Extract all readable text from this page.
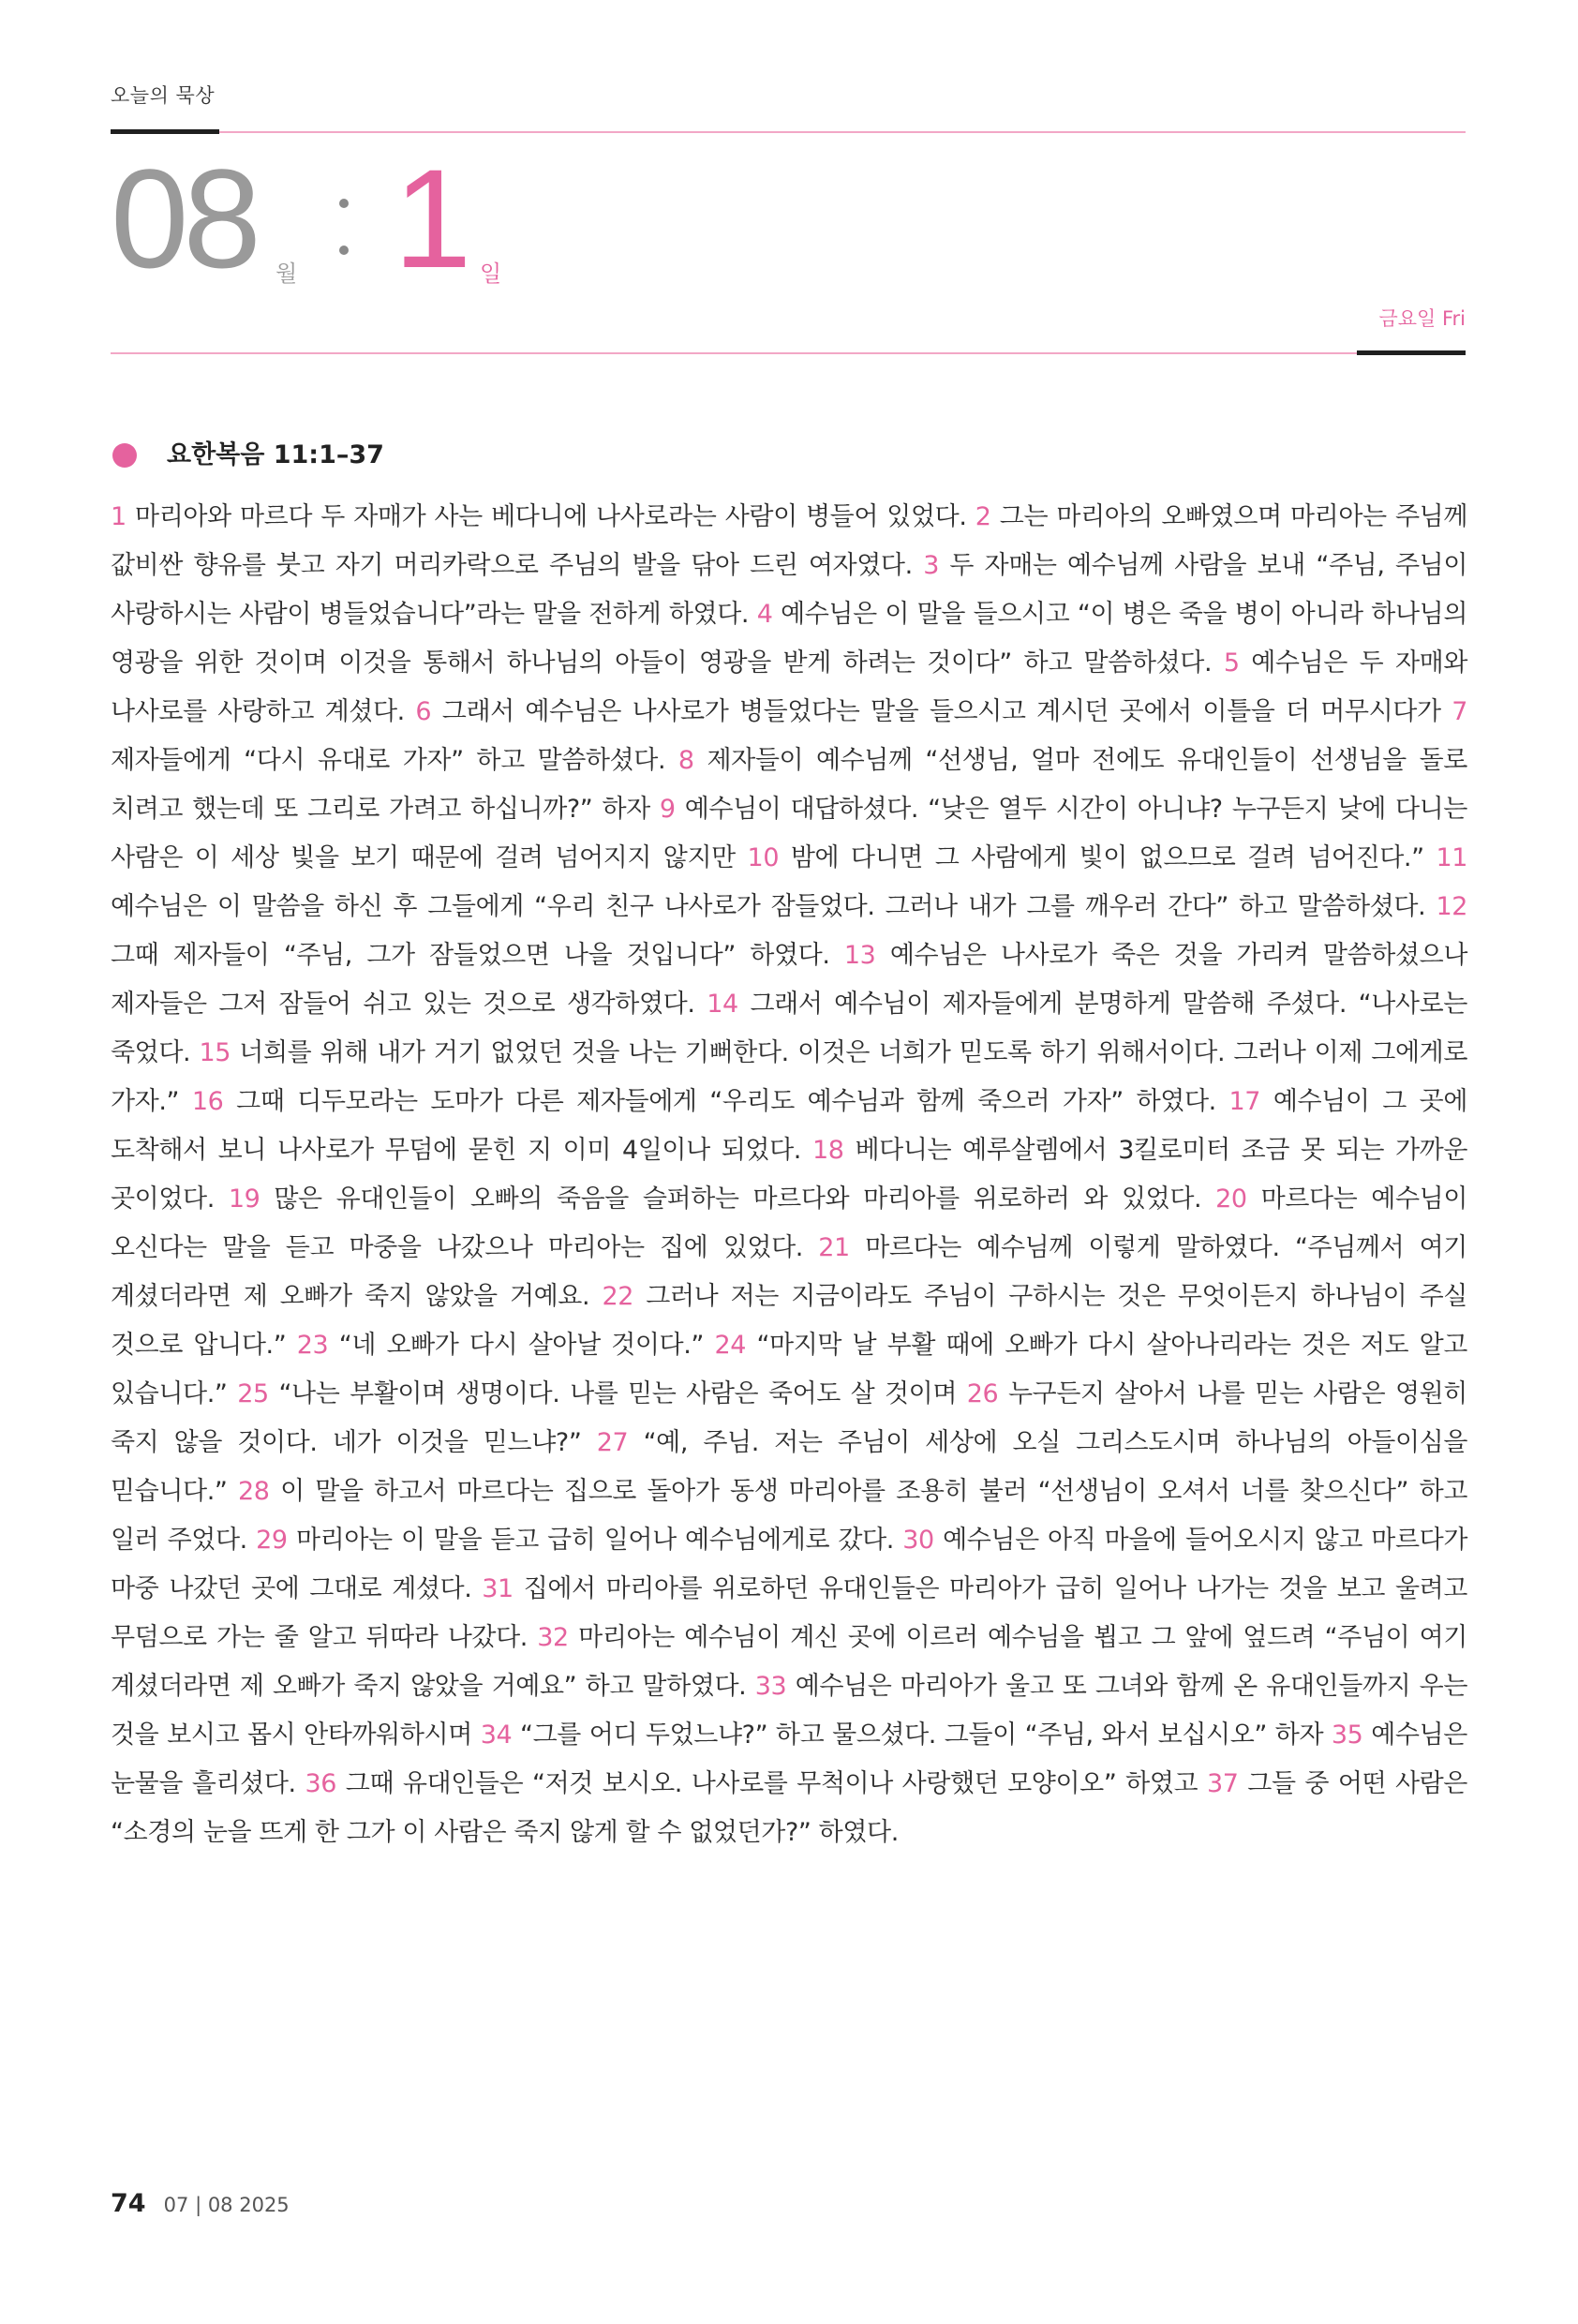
오늘의 묵상
08 월 1 일
금요일 Fri
요한복음 11:1–37
1 마리아와 마르다 두 자매가 사는 베다니에 나사로라는 사람이 병들어 있었다. 2 그는 마리아의 오빠였으며 마리아는 주님께 값비싼 향유를 붓고 자기 머리카락으로 주님의 발을 닦아 드린 여자였다. 3 두 자매는 예수님께 사람을 보내 “주님, 주님이 사랑하시는 사람이 병들었습니다”라는 말을 전하게 하였다. 4 예수님은 이 말을 들으시고 “이 병은 죽을 병이 아니라 하나님의 영광을 위한 것이며 이것을 통해서 하나님의 아들이 영광을 받게 하려는 것이다” 하고 말씀하셨다. 5 예수님은 두 자매와 나사로를 사랑하고 계셨다. 6 그래서 예수님은 나사로가 병들었다는 말을 들으시고 계시던 곳에서 이틀을 더 머무시다가 7 제자들에게 “다시 유대로 가자” 하고 말씀하셨다. 8 제자들이 예수님께 “선생님, 얼마 전에도 유대인들이 선생님을 돌로 치려고 했는데 또 그리로 가려고 하십니까?” 하자 9 예수님이 대답하셨다. “낮은 열두 시간이 아니냐? 누구든지 낮에 다니는 사람은 이 세상 빛을 보기 때문에 걸려 넘어지지 않지만 10 밤에 다니면 그 사람에게 빛이 없으므로 걸려 넘어진다.” 11 예수님은 이 말씀을 하신 후 그들에게 “우리 친구 나사로가 잠들었다. 그러나 내가 그를 깨우러 간다” 하고 말씀하셨다. 12 그때 제자들이 “주님, 그가 잠들었으면 나을 것입니다” 하였다. 13 예수님은 나사로가 죽은 것을 가리켜 말씀하셨으나 제자들은 그저 잠들어 쉬고 있는 것으로 생각하였다. 14 그래서 예수님이 제자들에게 분명하게 말씀해 주셨다. “나사로는 죽었다. 15 너희를 위해 내가 거기 없었던 것을 나는 기뻐한다. 이것은 너희가 믿도록 하기 위해서이다. 그러나 이제 그에게로 가자.” 16 그때 디두모라는 도마가 다른 제자들에게 “우리도 예수님과 함께 죽으러 가자” 하였다. 17 예수님이 그 곳에 도착해서 보니 나사로가 무덤에 묻힌 지 이미 4일이나 되었다. 18 베다니는 예루살렘에서 3킬로미터 조금 못 되는 가까운 곳이었다. 19 많은 유대인들이 오빠의 죽음을 슬퍼하는 마르다와 마리아를 위로하러 와 있었다. 20 마르다는 예수님이 오신다는 말을 듣고 마중을 나갔으나 마리아는 집에 있었다. 21 마르다는 예수님께 이렇게 말하였다. “주님께서 여기 계셨더라면 제 오빠가 죽지 않았을 거예요. 22 그러나 저는 지금이라도 주님이 구하시는 것은 무엇이든지 하나님이 주실 것으로 압니다.” 23 “네 오빠가 다시 살아날 것이다.” 24 “마지막 날 부활 때에 오빠가 다시 살아나리라는 것은 저도 알고 있습니다.” 25 “나는 부활이며 생명이다. 나를 믿는 사람은 죽어도 살 것이며 26 누구든지 살아서 나를 믿는 사람은 영원히 죽지 않을 것이다. 네가 이것을 믿느냐?” 27 “예, 주님. 저는 주님이 세상에 오실 그리스도시며 하나님의 아들이심을 믿습니다.” 28 이 말을 하고서 마르다는 집으로 돌아가 동생 마리아를 조용히 불러 “선생님이 오셔서 너를 찾으신다” 하고 일러 주었다. 29 마리아는 이 말을 듣고 급히 일어나 예수님에게로 갔다. 30 예수님은 아직 마을에 들어오시지 않고 마르다가 마중 나갔던 곳에 그대로 계셨다. 31 집에서 마리아를 위로하던 유대인들은 마리아가 급히 일어나 나가는 것을 보고 울려고 무덤으로 가는 줄 알고 뒤따라 나갔다. 32 마리아는 예수님이 계신 곳에 이르러 예수님을 뵙고 그 앞에 엎드려 “주님이 여기 계셨더라면 제 오빠가 죽지 않았을 거예요” 하고 말하였다. 33 예수님은 마리아가 울고 또 그녀와 함께 온 유대인들까지 우는 것을 보시고 몹시 안타까워하시며 34 “그를 어디 두었느냐?” 하고 물으셨다. 그들이 “주님, 와서 보십시오” 하자 35 예수님은 눈물을 흘리셨다. 36 그때 유대인들은 “저것 보시오. 나사로를 무척이나 사랑했던 모양이오” 하였고 37 그들 중 어떤 사람은 “소경의 눈을 뜨게 한 그가 이 사람은 죽지 않게 할 수 없었던가?” 하였다.
74 07 | 08 2025
